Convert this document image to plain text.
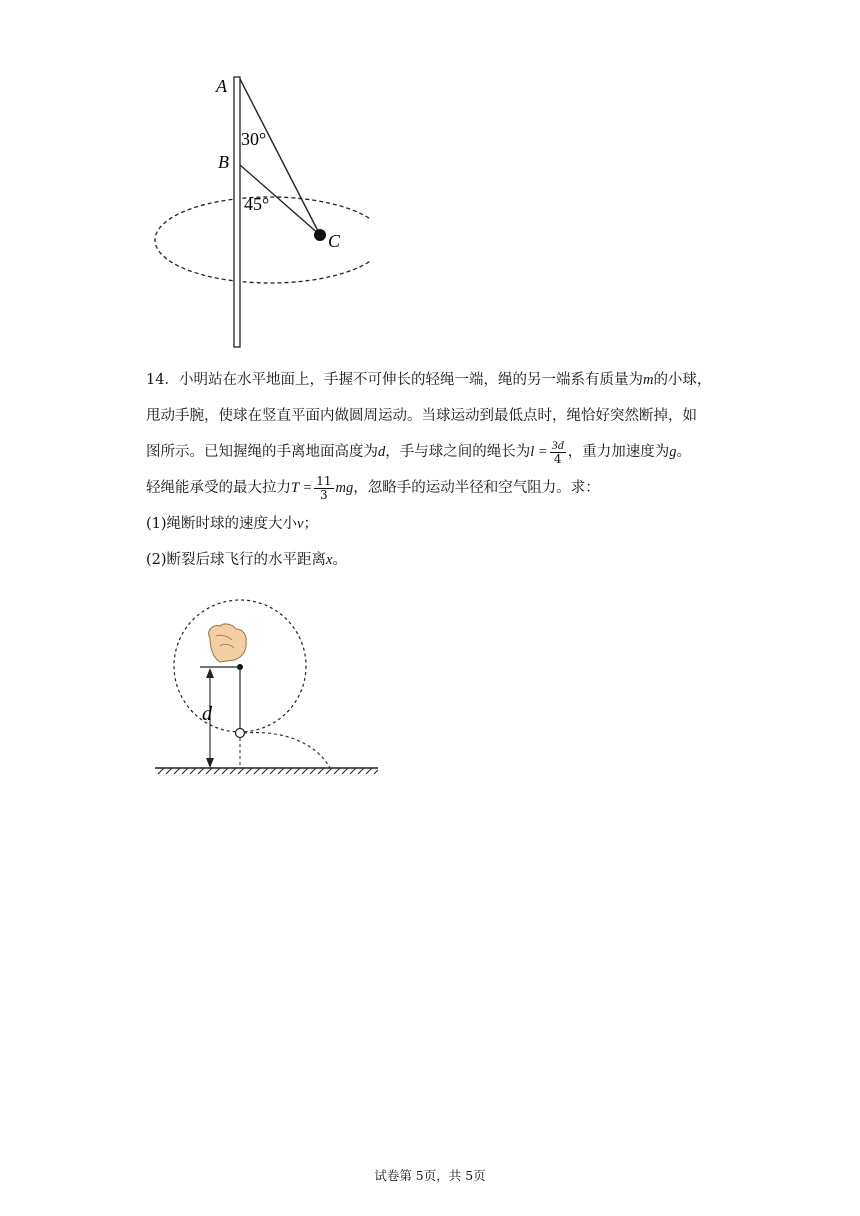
A
B
C
30°
45°
14．小明站在水平地面上，手握不可伸长的轻绳一端，绳的另一端系有质量为m的小球，
甩动手腕，使球在竖直平面内做圆周运动。当球运动到最低点时，绳恰好突然断掉，如
图所示。已知握绳的手离地面高度为d，手与球之间的绳长为$l = \frac{3d}{4}$ ，重力加速度为g。
轻绳能承受的最大拉力$T = \frac{11}{3}$ mg，忽略手的运动半径和空气阻力。求：
(1)绳断时球的速度大小v；
(2)断裂后球飞行的水平距离x。
d
试卷第 5页，共 5页
